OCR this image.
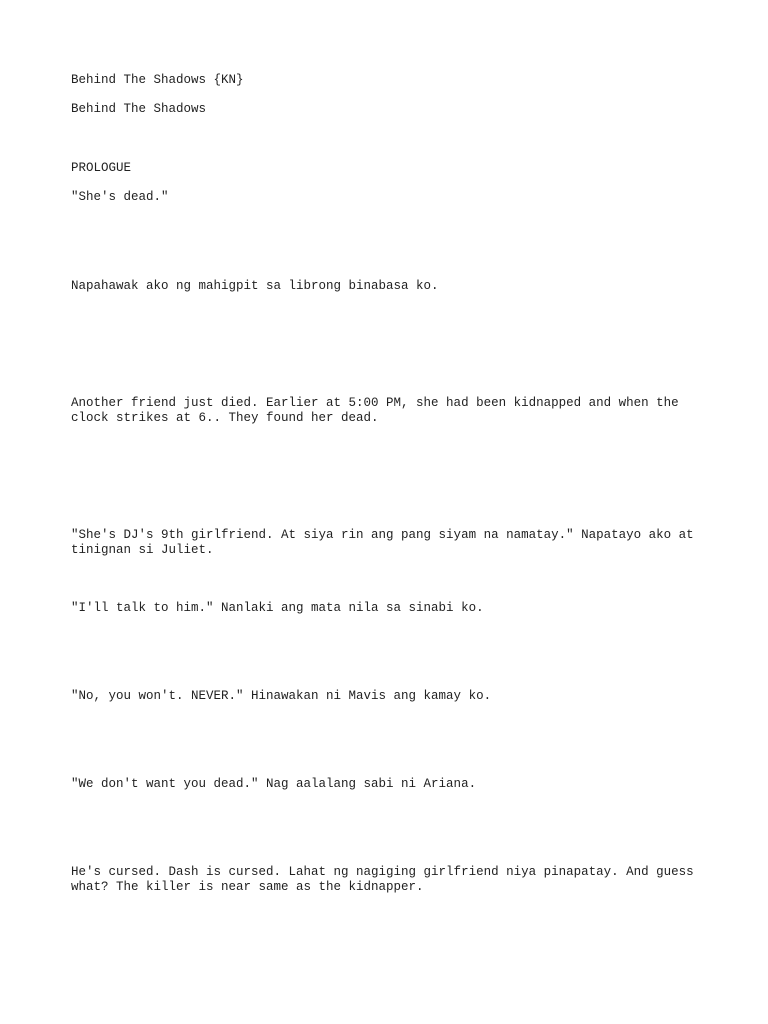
Behind The Shadows {KN}

Behind The Shadows

PROLOGUE

"She's dead."

Napahawak ako ng mahigpit sa librong binabasa ko.

Another friend just died. Earlier at 5:00 PM, she had been kidnapped and when the clock strikes at 6.. They found her dead.

"She's DJ's 9th girlfriend. At siya rin ang pang siyam na namatay." Napatayo ako at tinignan si Juliet.

"I'll talk to him." Nanlaki ang mata nila sa sinabi ko.

"No, you won't. NEVER." Hinawakan ni Mavis ang kamay ko.

"We don't want you dead." Nag aalalang sabi ni Ariana.

He's cursed. Dash is cursed. Lahat ng nagiging girlfriend niya pinapatay. And guess what? The killer is near same as the kidnapper.
